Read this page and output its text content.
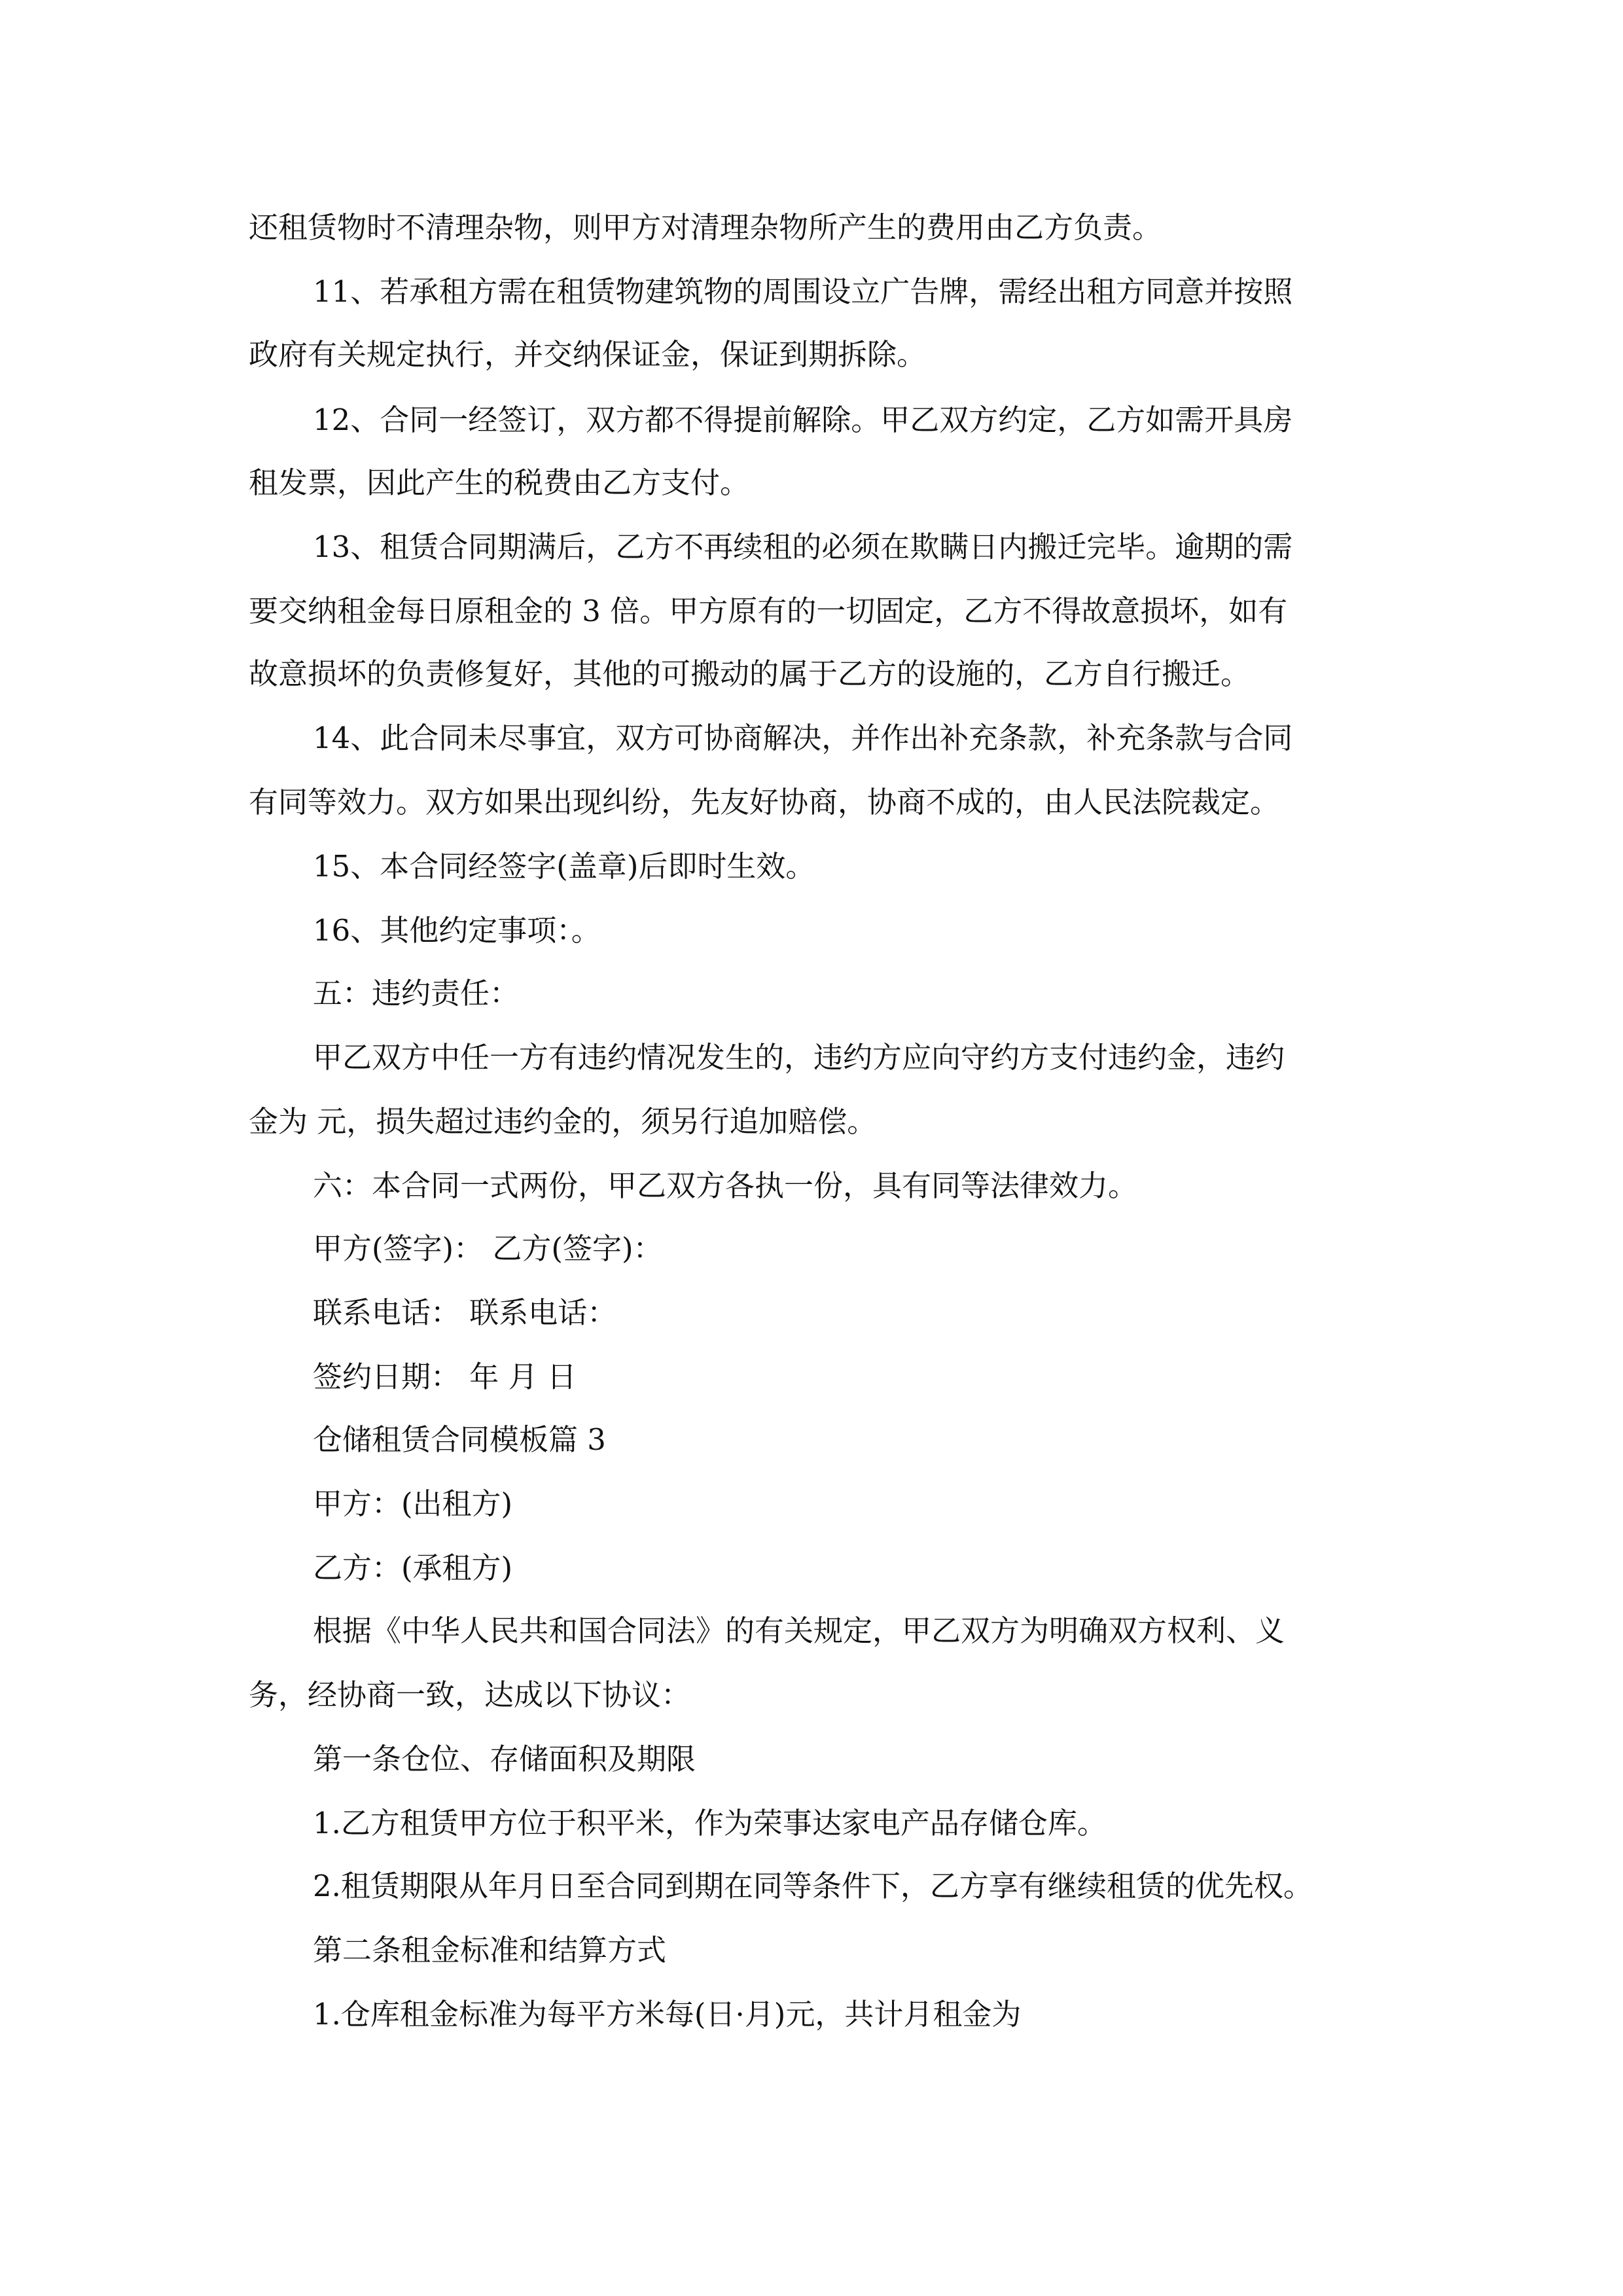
还租赁物时不清理杂物，则甲方对清理杂物所产生的费用由乙方负责。
11、若承租方需在租赁物建筑物的周围设立广告牌，需经出租方同意并按照
政府有关规定执行，并交纳保证金，保证到期拆除。
12、合同一经签订，双方都不得提前解除。甲乙双方约定，乙方如需开具房
租发票，因此产生的税费由乙方支付。
13、租赁合同期满后，乙方不再续租的必须在欺瞒日内搬迁完毕。逾期的需
要交纳租金每日原租金的 3 倍。甲方原有的一切固定，乙方不得故意损坏，如有
故意损坏的负责修复好，其他的可搬动的属于乙方的设施的，乙方自行搬迁。
14、此合同未尽事宜，双方可协商解决，并作出补充条款，补充条款与合同
有同等效力。双方如果出现纠纷，先友好协商，协商不成的，由人民法院裁定。
15、本合同经签字(盖章)后即时生效。
16、其他约定事项：。
五：违约责任：
甲乙双方中任一方有违约情况发生的，违约方应向守约方支付违约金，违约
金为 元，损失超过违约金的，须另行追加赔偿。
六：本合同一式两份，甲乙双方各执一份，具有同等法律效力。
甲方(签字)： 乙方(签字)：
联系电话： 联系电话：
签约日期： 年 月 日
仓储租赁合同模板篇 3
甲方：(出租方)
乙方：(承租方)
根据《中华人民共和国合同法》的有关规定，甲乙双方为明确双方权利、义
务，经协商一致，达成以下协议：
第一条仓位、存储面积及期限
1.乙方租赁甲方位于积平米，作为荣事达家电产品存储仓库。
2.租赁期限从年月日至合同到期在同等条件下，乙方享有继续租赁的优先权。
第二条租金标准和结算方式
1.仓库租金标准为每平方米每(日·月)元，共计月租金为
